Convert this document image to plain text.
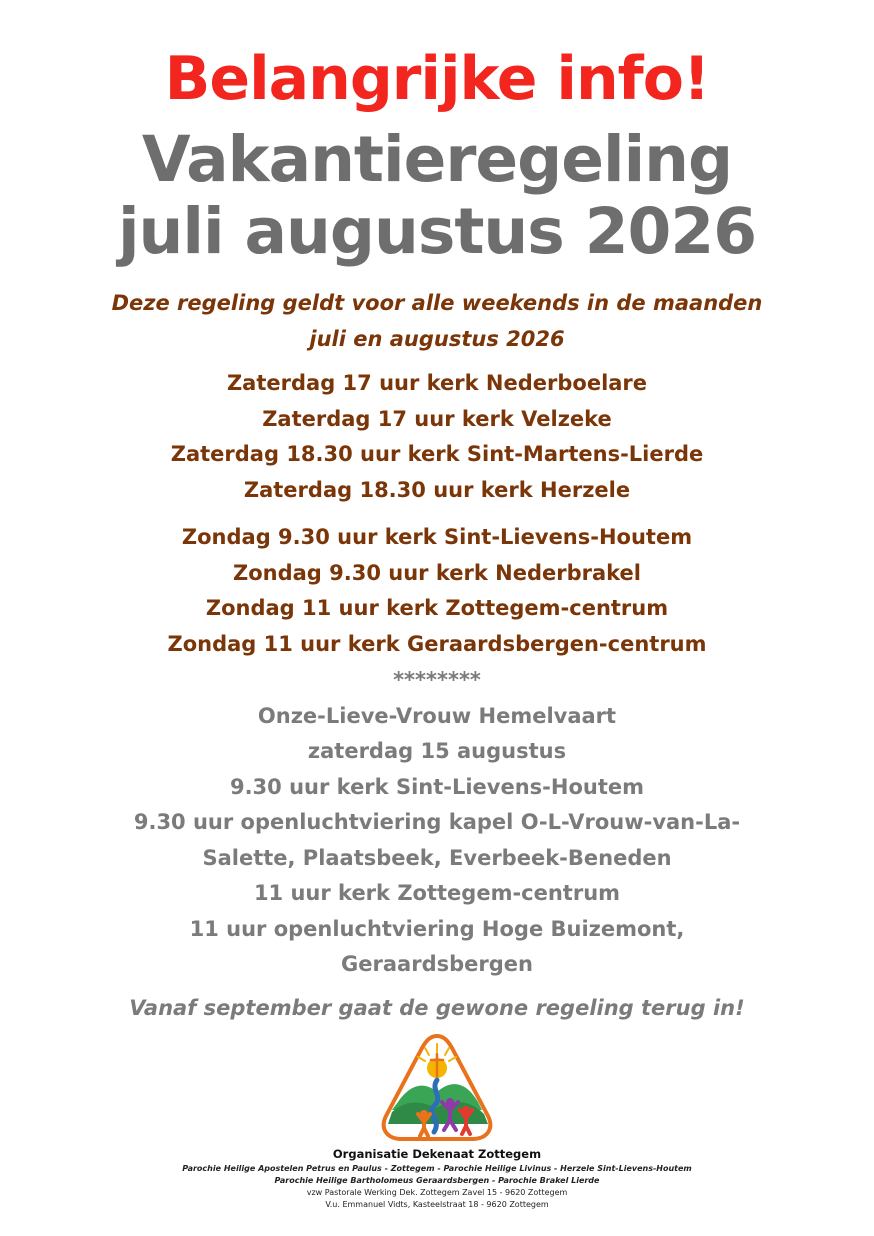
Belangrijke info!
Vakantieregeling
juli augustus 2026
Deze regeling geldt voor alle weekends in de maanden
juli en augustus 2026
Zaterdag 17 uur kerk Nederboelare
Zaterdag 17 uur kerk Velzeke
Zaterdag 18.30 uur kerk Sint-Martens-Lierde
Zaterdag 18.30 uur kerk Herzele
Zondag 9.30 uur kerk Sint-Lievens-Houtem
Zondag 9.30 uur kerk Nederbrakel
Zondag 11 uur kerk Zottegem-centrum
Zondag 11 uur kerk Geraardsbergen-centrum
********
Onze-Lieve-Vrouw Hemelvaart
zaterdag 15 augustus
9.30 uur kerk Sint-Lievens-Houtem
9.30 uur openluchtviering kapel O-L-Vrouw-van-La-
Salette, Plaatsbeek, Everbeek-Beneden
11 uur kerk Zottegem-centrum
11 uur openluchtviering Hoge Buizemont,
Geraardsbergen
Vanaf september gaat de gewone regeling terug in!
Organisatie Dekenaat Zottegem
Parochie Heilige Apostelen Petrus en Paulus - Zottegem - Parochie Heilige Livinus - Herzele Sint-Lievens-Houtem
Parochie Heilige Bartholomeus Geraardsbergen - Parochie Brakel Lierde
vzw Pastorale Werking Dek. Zottegem Zavel 15 - 9620 Zottegem
V.u. Emmanuel Vidts, Kasteelstraat 18 - 9620 Zottegem
